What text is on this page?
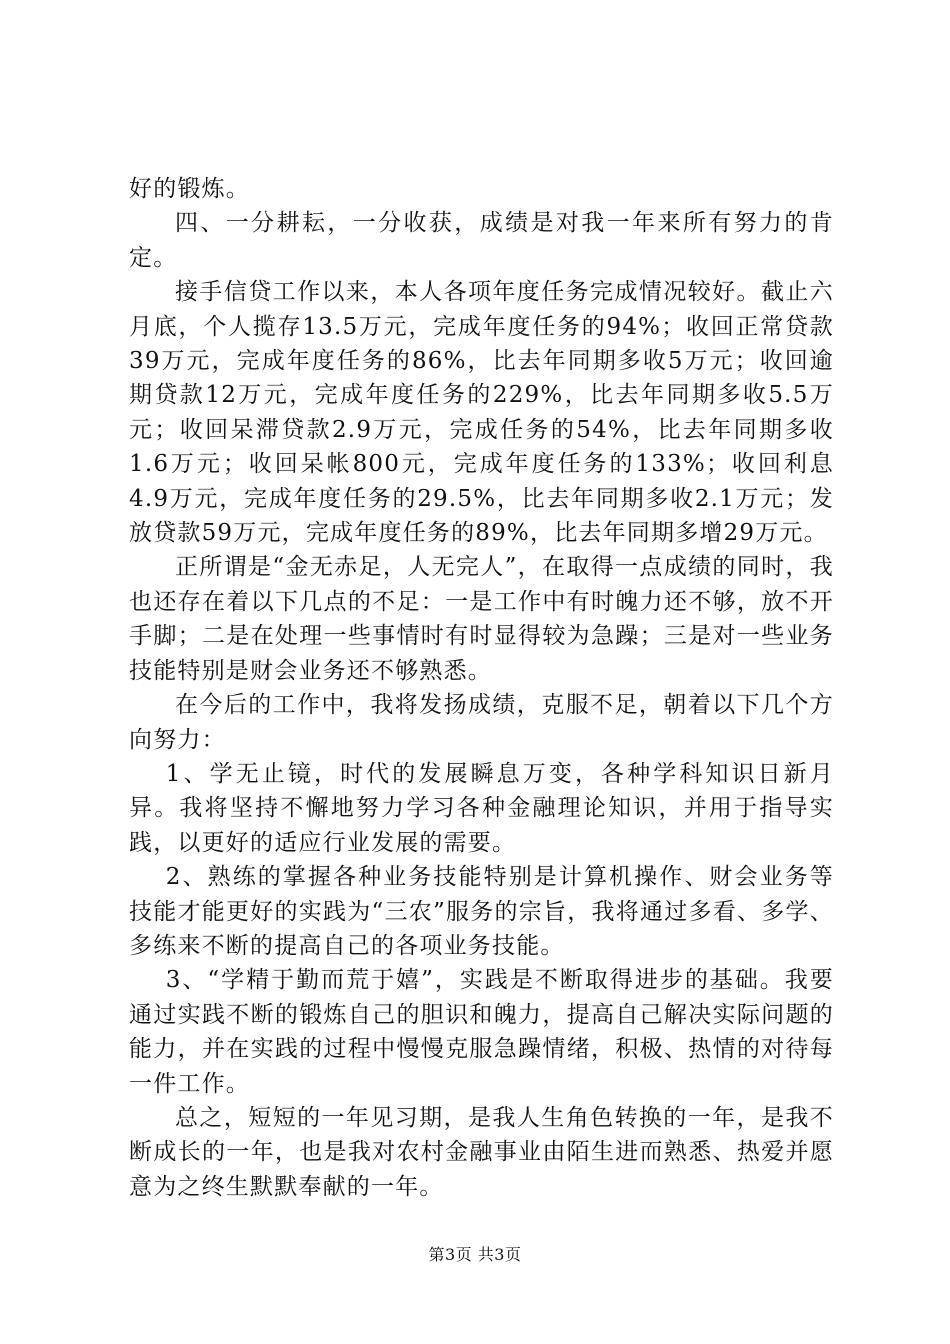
好的锻炼。

四、一分耕耘，一分收获，成绩是对我一年来所有努力的肯定。

接手信贷工作以来，本人各项年度任务完成情况较好。截止六月底，个人揽存13.5万元，完成年度任务的94%；收回正常贷款39万元，完成年度任务的86%，比去年同期多收5万元；收回逾期贷款12万元，完成年度任务的229%，比去年同期多收5.5万元；收回呆滞贷款2.9万元，完成任务的54%，比去年同期多收1.6万元；收回呆帐800元，完成年度任务的133%；收回利息4.9万元，完成年度任务的29.5%，比去年同期多收2.1万元；发放贷款59万元，完成年度任务的89%，比去年同期多增29万元。

正所谓是“金无赤足，人无完人”，在取得一点成绩的同时，我也还存在着以下几点的不足：一是工作中有时魄力还不够，放不开手脚；二是在处理一些事情时有时显得较为急躁；三是对一些业务技能特别是财会业务还不够熟悉。

在今后的工作中，我将发扬成绩，克服不足，朝着以下几个方向努力：

1、学无止镜，时代的发展瞬息万变，各种学科知识日新月异。我将坚持不懈地努力学习各种金融理论知识，并用于指导实践，以更好的适应行业发展的需要。

2、熟练的掌握各种业务技能特别是计算机操作、财会业务等技能才能更好的实践为“三农”服务的宗旨，我将通过多看、多学、多练来不断的提高自己的各项业务技能。

3、“学精于勤而荒于嬉”，实践是不断取得进步的基础。我要通过实践不断的锻炼自己的胆识和魄力，提高自己解决实际问题的能力，并在实践的过程中慢慢克服急躁情绪，积极、热情的对待每一件工作。

总之，短短的一年见习期，是我人生角色转换的一年，是我不断成长的一年，也是我对农村金融事业由陌生进而熟悉、热爱并愿意为之终生默默奉献的一年。

第3页 共3页
